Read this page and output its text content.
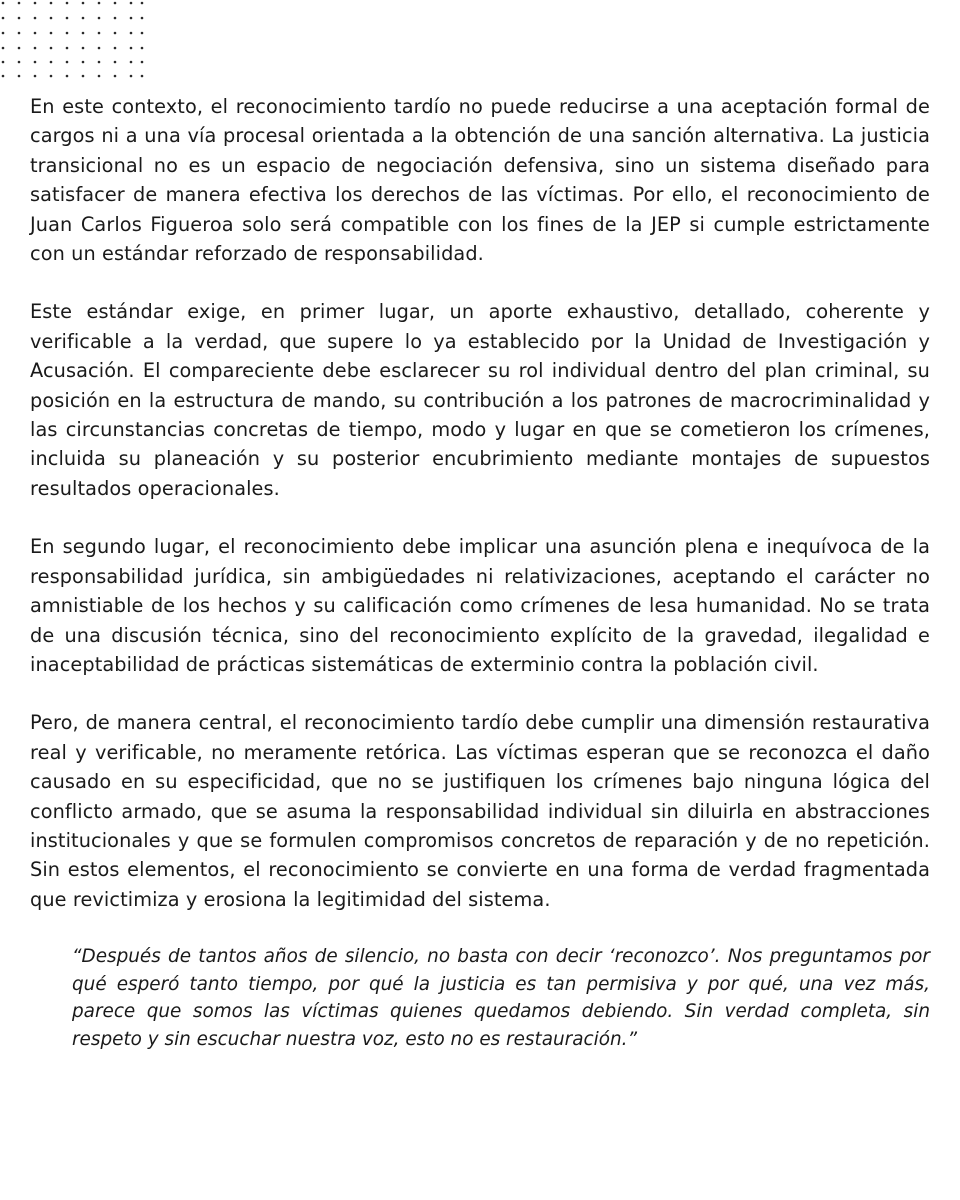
En este contexto, el reconocimiento tardío no puede reducirse a una aceptación formal de cargos ni a una vía procesal orientada a la obtención de una sanción alternativa. La justicia transicional no es un espacio de negociación defensiva, sino un sistema diseñado para satisfacer de manera efectiva los derechos de las víctimas. Por ello, el reconocimiento de Juan Carlos Figueroa solo será compatible con los fines de la JEP si cumple estrictamente con un estándar reforzado de responsabilidad.

Este estándar exige, en primer lugar, un aporte exhaustivo, detallado, coherente y verificable a la verdad, que supere lo ya establecido por la Unidad de Investigación y Acusación. El compareciente debe esclarecer su rol individual dentro del plan criminal, su posición en la estructura de mando, su contribución a los patrones de macrocriminalidad y las circunstancias concretas de tiempo, modo y lugar en que se cometieron los crímenes, incluida su planeación y su posterior encubrimiento mediante montajes de supuestos resultados operacionales.

En segundo lugar, el reconocimiento debe implicar una asunción plena e inequívoca de la responsabilidad jurídica, sin ambigüedades ni relativizaciones, aceptando el carácter no amnistiable de los hechos y su calificación como crímenes de lesa humanidad. No se trata de una discusión técnica, sino del reconocimiento explícito de la gravedad, ilegalidad e inaceptabilidad de prácticas sistemáticas de exterminio contra la población civil.

Pero, de manera central, el reconocimiento tardío debe cumplir una dimensión restaurativa real y verificable, no meramente retórica. Las víctimas esperan que se reconozca el daño causado en su especificidad, que no se justifiquen los crímenes bajo ninguna lógica del conflicto armado, que se asuma la responsabilidad individual sin diluirla en abstracciones institucionales y que se formulen compromisos concretos de reparación y de no repetición. Sin estos elementos, el reconocimiento se convierte en una forma de verdad fragmentada que revictimiza y erosiona la legitimidad del sistema.

“Después de tantos años de silencio, no basta con decir ‘reconozco’. Nos preguntamos por qué esperó tanto tiempo, por qué la justicia es tan permisiva y por qué, una vez más, parece que somos las víctimas quienes quedamos debiendo. Sin verdad completa, sin respeto y sin escuchar nuestra voz, esto no es restauración.”
